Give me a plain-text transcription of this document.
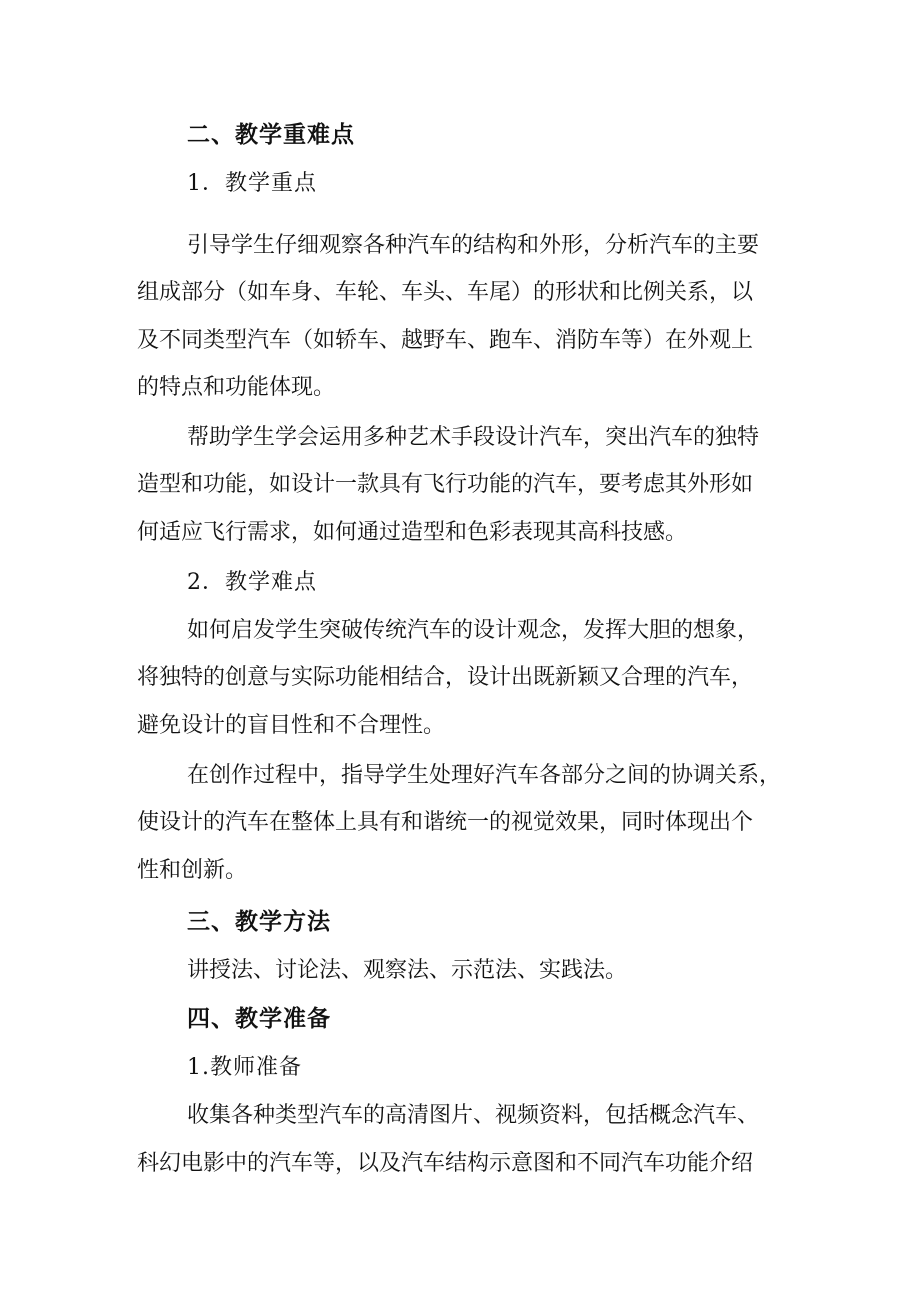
二、教学重难点
1．教学重点
引导学生仔细观察各种汽车的结构和外形，分析汽车的主要
组成部分（如车身、车轮、车头、车尾）的形状和比例关系，以
及不同类型汽车（如轿车、越野车、跑车、消防车等）在外观上
的特点和功能体现。
帮助学生学会运用多种艺术手段设计汽车，突出汽车的独特
造型和功能，如设计一款具有飞行功能的汽车，要考虑其外形如
何适应飞行需求，如何通过造型和色彩表现其高科技感。
2．教学难点
如何启发学生突破传统汽车的设计观念，发挥大胆的想象，
将独特的创意与实际功能相结合，设计出既新颖又合理的汽车，
避免设计的盲目性和不合理性。
在创作过程中，指导学生处理好汽车各部分之间的协调关系，
使设计的汽车在整体上具有和谐统一的视觉效果，同时体现出个
性和创新。
三、教学方法
讲授法、讨论法、观察法、示范法、实践法。
四、教学准备
1.教师准备
收集各种类型汽车的高清图片、视频资料，包括概念汽车、
科幻电影中的汽车等，以及汽车结构示意图和不同汽车功能介绍
